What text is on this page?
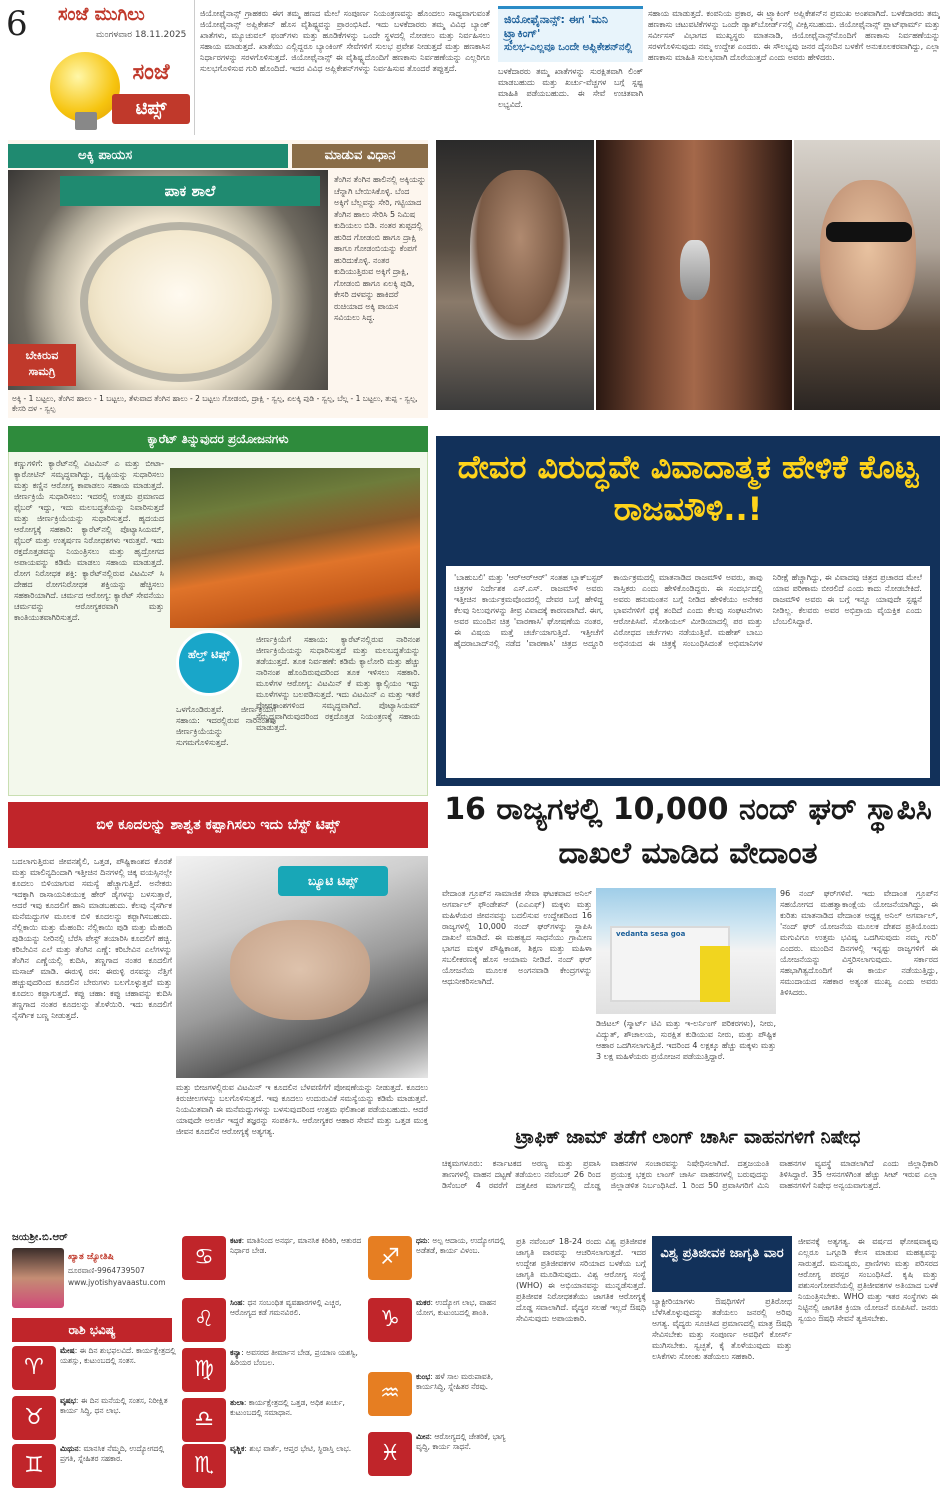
6 ಸಂಜೆ ಮುಗಿಲು
ಮಂಗಳವಾರ 18.11.2025
ಸಂಜೆ
ಟಿಪ್ಸ್
ಜಿಯೋಫೈನಾನ್ಸ್ ಗ್ರಾಹಕರು ಈಗ ತಮ್ಮ ಹಣದ ಮೇಲೆ ಸಂಪೂರ್ಣ ನಿಯಂತ್ರಣವನ್ನು ಹೊಂದಲು ಸಾಧ್ಯವಾಗುವಂತೆ ಜಿಯೋಫೈನಾನ್ಸ್ ಅಪ್ಲಿಕೇಶನ್ ಹೊಸ ವೈಶಿಷ್ಟ್ಯವನ್ನು ಪ್ರಾರಂಭಿಸಿದೆ. ಇದು ಬಳಕೆದಾರರು ತಮ್ಮ ವಿವಿಧ ಬ್ಯಾಂಕ್ ಖಾತೆಗಳು, ಮ್ಯೂಚುವಲ್ ಫಂಡ್‌ಗಳು ಮತ್ತು ಹೂಡಿಕೆಗಳನ್ನು ಒಂದೇ ಸ್ಥಳದಲ್ಲಿ ನೋಡಲು ಮತ್ತು ನಿರ್ವಹಿಸಲು ಸಹಾಯ ಮಾಡುತ್ತದೆ. ಖಾತೆಯು ಎಲ್ಲಿದ್ದರೂ ಬ್ಯಾಂಕಿಂಗ್ ಸೇವೆಗಳಿಗೆ ಸುಲಭ ಪ್ರವೇಶ ನೀಡುತ್ತದೆ ಮತ್ತು ಹಣಕಾಸಿನ ನಿರ್ಧಾರಗಳನ್ನು ಸರಳಗೊಳಿಸುತ್ತದೆ. ಜಿಯೋಫೈನಾನ್ಸ್ ಈ ವೈಶಿಷ್ಟ್ಯದೊಂದಿಗೆ ಹಣಕಾಸು ನಿರ್ವಹಣೆಯನ್ನು ಎಲ್ಲರಿಗೂ ಸುಲಭಗೊಳಿಸುವ ಗುರಿ ಹೊಂದಿದೆ. ಇದರ ವಿವಿಧ ಅಪ್ಲಿಕೇಶನ್‌ಗಳನ್ನು ನಿರ್ವಹಿಸುವ ತೊಂದರೆ ತಪ್ಪುತ್ತದೆ.
ಜಿಯೋಫೈನಾನ್ಸ್: ಈಗ 'ಮನಿ ಟ್ರ್ಯಾಕಿಂಗ್'
ಸುಲಭ-ಎಲ್ಲವೂ ಒಂದೇ ಅಪ್ಲಿಕೇಶನ್‌ನಲ್ಲಿ
ಬಳಕೆದಾರರು ತಮ್ಮ ಖಾತೆಗಳನ್ನು ಸುರಕ್ಷಿತವಾಗಿ ಲಿಂಕ್ ಮಾಡಬಹುದು ಮತ್ತು ಖರ್ಚು-ವೆಚ್ಚಗಳ ಬಗ್ಗೆ ಸ್ಪಷ್ಟ ಮಾಹಿತಿ ಪಡೆಯಬಹುದು. ಈ ಸೇವೆ ಉಚಿತವಾಗಿ ಲಭ್ಯವಿದೆ.
ಸಹಾಯ ಮಾಡುತ್ತದೆ. ಕಂಪನಿಯ ಪ್ರಕಾರ, ಈ ಟ್ರ್ಯಾಕಿಂಗ್ ಅಪ್ಲಿಕೇಶನ್‌ನ ಪ್ರಮುಖ ಅಂಶವಾಗಿದೆ. ಬಳಕೆದಾರರು ತಮ್ಮ ಹಣಕಾಸು ಚಟುವಟಿಕೆಗಳನ್ನು ಒಂದೇ ಡ್ಯಾಶ್‌ಬೋರ್ಡ್‌ನಲ್ಲಿ ವೀಕ್ಷಿಸಬಹುದು. ಜಿಯೋಫೈನಾನ್ಸ್ ಪ್ಲಾಟ್‌ಫಾರ್ಮ್ ಮತ್ತು ಸರ್ವೀಸಸ್ ವಿಭಾಗದ ಮುಖ್ಯಸ್ಥರು ಮಾತನಾಡಿ, ಜಿಯೋಫೈನಾನ್ಸ್‌ನೊಂದಿಗೆ ಹಣಕಾಸು ನಿರ್ವಹಣೆಯನ್ನು ಸರಳಗೊಳಿಸುವುದು ನಮ್ಮ ಉದ್ದೇಶ ಎಂದರು. ಈ ಸೌಲಭ್ಯವು ಜನರ ದೈನಂದಿನ ಬಳಕೆಗೆ ಅನುಕೂಲಕರವಾಗಿದ್ದು, ಎಲ್ಲಾ ಹಣಕಾಸು ಮಾಹಿತಿ ಸುಲಭವಾಗಿ ದೊರೆಯುತ್ತದೆ ಎಂದು ಅವರು ಹೇಳಿದರು.
ಅಕ್ಕಿ ಪಾಯಸ	ಮಾಡುವ ವಿಧಾನ
ಪಾಕ ಶಾಲೆ
ಬೇಕಿರುವ ಸಾಮಗ್ರಿ
ತೆಂಗಿನ ತೆಂಗಿನ ಹಾಲಿನಲ್ಲಿ ಅಕ್ಕಿಯನ್ನು ಚೆನ್ನಾಗಿ ಬೇಯಿಸಿಕೊಳ್ಳಿ. ಬೆಂದ ಅಕ್ಕಿಗೆ ಬೆಲ್ಲವನ್ನು ಸೇರಿ, ಗಟ್ಟಿಯಾದ ತೆಂಗಿನ ಹಾಲು ಸೇರಿಸಿ 5 ನಿಮಿಷ ಕುದಿಯಲು ಬಿಡಿ. ನಂತರ ತುಪ್ಪದಲ್ಲಿ ಹುರಿದ ಗೋಡಂಬಿ ಹಾಗೂ ದ್ರಾಕ್ಷಿ ಹಾಗೂ ಗೋಡಂಬಿಯನ್ನು ಕೆಂಪಗೆ ಹುರಿದುಕೊಳ್ಳಿ. ನಂತರ ಕುದಿಯುತ್ತಿರುವ ಅಕ್ಕಿಗೆ ದ್ರಾಕ್ಷಿ, ಗೋಡಂಬಿ ಹಾಗೂ ಏಲಕ್ಕಿ ಪುಡಿ, ಕೇಸರಿ ದಳವನ್ನು ಹಾಕಿದರೆ ರುಚಿಯಾದ ಅಕ್ಕಿ ಪಾಯಸ ಸವಿಯಲು ಸಿದ್ಧ.
ಅಕ್ಕಿ - 1 ಬಟ್ಟಲು, ತೆಂಗಿನ ಹಾಲು - 1 ಬಟ್ಟಲು, ತೆಳುವಾದ ತೆಂಗಿನ ಹಾಲು - 2 ಬಟ್ಟಲು ಗೋಡಂಬಿ, ದ್ರಾಕ್ಷಿ - ಸ್ವಲ್ಪ, ಏಲಕ್ಕಿ ಪುಡಿ - ಸ್ವಲ್ಪ, ಬೆಲ್ಲ - 1 ಬಟ್ಟಲು, ತುಪ್ಪ - ಸ್ವಲ್ಪ, ಕೇಸರಿ ದಳ - ಸ್ವಲ್ಪ
ಕ್ಯಾರೆಟ್ ತಿನ್ನುವುದರ ಪ್ರಯೋಜನಗಳು
ಕಣ್ಣುಗಳಿಗೆ: ಕ್ಯಾರೆಟ್‌ನಲ್ಲಿ ವಿಟಮಿನ್ ಎ ಮತ್ತು ಬೀಟಾ-ಕ್ಯಾರೋಟಿನ್ ಸಮೃದ್ಧವಾಗಿದ್ದು, ದೃಷ್ಟಿಯನ್ನು ಸುಧಾರಿಸಲು ಮತ್ತು ಕಣ್ಣಿನ ಆರೋಗ್ಯ ಕಾಪಾಡಲು ಸಹಾಯ ಮಾಡುತ್ತದೆ. ಜೀರ್ಣಕ್ರಿಯೆ ಸುಧಾರಿಸಲು: ಇದರಲ್ಲಿ ಉತ್ತಮ ಪ್ರಮಾಣದ ಫೈಬರ್ ಇದ್ದು, ಇದು ಮಲಬದ್ಧತೆಯನ್ನು ನಿವಾರಿಸುತ್ತದೆ ಮತ್ತು ಜೀರ್ಣಕ್ರಿಯೆಯನ್ನು ಸುಧಾರಿಸುತ್ತದೆ. ಹೃದಯದ ಆರೋಗ್ಯಕ್ಕೆ ಸಹಕಾರಿ: ಕ್ಯಾರೆಟ್‌ನಲ್ಲಿ ಪೊಟ್ಯಾಸಿಯಮ್, ಫೈಬರ್ ಮತ್ತು ಉತ್ಕರ್ಷಣ ನಿರೋಧಕಗಳು ಇರುತ್ತವೆ. ಇದು ರಕ್ತದೊತ್ತಡವನ್ನು ನಿಯಂತ್ರಿಸಲು ಮತ್ತು ಹೃದ್ರೋಗದ ಅಪಾಯವನ್ನು ಕಡಿಮೆ ಮಾಡಲು ಸಹಾಯ ಮಾಡುತ್ತದೆ. ರೋಗ ನಿರೋಧಕ ಶಕ್ತಿ: ಕ್ಯಾರೆಟ್‌ನಲ್ಲಿರುವ ವಿಟಮಿನ್ ಸಿ ದೇಹದ ರೋಗನಿರೋಧಕ ಶಕ್ತಿಯನ್ನು ಹೆಚ್ಚಿಸಲು ಸಹಕಾರಿಯಾಗಿದೆ. ಚರ್ಮದ ಆರೋಗ್ಯ: ಕ್ಯಾರೆಟ್ ಸೇವನೆಯು ಚರ್ಮವನ್ನು ಆರೋಗ್ಯಕರವಾಗಿ ಮತ್ತು ಕಾಂತಿಯುತವಾಗಿರಿಸುತ್ತದೆ.
ಹೆಲ್ತ್ ಟಿಪ್ಸ್
ಒಳಗೊಂಡಿರುತ್ತವೆ. ಜೀರ್ಣಕ್ರಿಯೆಗೆ ಸಹಾಯ: ಇದರಲ್ಲಿರುವ ನಾರಿನಂಶವು ಜೀರ್ಣಕ್ರಿಯೆಯನ್ನು ಸುಗಮಗೊಳಿಸುತ್ತದೆ.
ಜೀರ್ಣಕ್ರಿಯೆಗೆ ಸಹಾಯ: ಕ್ಯಾರೆಟ್‌ನಲ್ಲಿರುವ ನಾರಿನಂಶ ಜೀರ್ಣಕ್ರಿಯೆಯನ್ನು ಸುಧಾರಿಸುತ್ತದೆ ಮತ್ತು ಮಲಬದ್ಧತೆಯನ್ನು ತಡೆಯುತ್ತದೆ. ತೂಕ ನಿರ್ವಹಣೆ: ಕಡಿಮೆ ಕ್ಯಾಲೋರಿ ಮತ್ತು ಹೆಚ್ಚು ನಾರಿನಂಶ ಹೊಂದಿರುವುದರಿಂದ ತೂಕ ಇಳಿಸಲು ಸಹಕಾರಿ. ಮೂಳೆಗಳ ಆರೋಗ್ಯ: ವಿಟಮಿನ್ ಕೆ ಮತ್ತು ಕ್ಯಾಲ್ಸಿಯಂ ಇದ್ದು ಮೂಳೆಗಳನ್ನು ಬಲಪಡಿಸುತ್ತದೆ. ಇದು ವಿಟಮಿನ್ ಎ ಮತ್ತು ಇತರೆ ಪೋಷಕಾಂಶಗಳಿಂದ ಸಮೃದ್ಧವಾಗಿದೆ. ಪೊಟ್ಯಾಸಿಯಮ್ ಸಮೃದ್ಧವಾಗಿರುವುದರಿಂದ ರಕ್ತದೊತ್ತಡ ನಿಯಂತ್ರಣಕ್ಕೆ ಸಹಾಯ ಮಾಡುತ್ತದೆ.
ದೇವರ ವಿರುದ್ಧವೇ ವಿವಾದಾತ್ಮಕ ಹೇಳಿಕೆ ಕೊಟ್ಟ ರಾಜಮೌಳಿ..!
'ಬಾಹುಬಲಿ' ಮತ್ತು 'ಆರ್‌ಆರ್‌ಆರ್' ಸಂತಹ ಬ್ಲಾಕ್‌ಬಸ್ಟರ್ ಚಿತ್ರಗಳ ನಿರ್ದೇಶಕ ಎಸ್.ಎಸ್. ರಾಜಮೌಳಿ ಅವರು ಇತ್ತೀಚಿನ ಕಾರ್ಯಕ್ರಮವೊಂದರಲ್ಲಿ ದೇವರ ಬಗ್ಗೆ ಹೇಳಿದ್ದ ಕೆಲವು ನಿಲುವುಗಳನ್ನು ತೀವ್ರ ವಿವಾದಕ್ಕೆ ಕಾರಣವಾಗಿದೆ. ಈಗ, ಅವರ ಮುಂದಿನ ಚಿತ್ರ 'ವಾರಣಾಸಿ' ಘೋಷಣೆಯ ನಂತರ, ಈ ವಿಷಯ ಮತ್ತೆ ಚರ್ಚೆಯಾಗುತ್ತಿದೆ. ಇತ್ತೀಚೆಗೆ ಹೈದರಾಬಾದ್‌ನಲ್ಲಿ ನಡೆದ 'ವಾರಣಾಸಿ' ಚಿತ್ರದ ಅದ್ದೂರಿ ಕಾರ್ಯಕ್ರಮದಲ್ಲಿ ಮಾತನಾಡಿದ ರಾಜಮೌಳಿ ಅವರು, ತಾವು ನಾಸ್ತಿಕರು ಎಂದು ಹೇಳಿಕೊಂಡಿದ್ದರು. ಈ ಸಂದರ್ಭದಲ್ಲಿ ಅವರು ಹನುಮಂತನ ಬಗ್ಗೆ ನೀಡಿದ ಹೇಳಿಕೆಯು ಅನೇಕರ ಭಾವನೆಗಳಿಗೆ ಧಕ್ಕೆ ತಂದಿದೆ ಎಂದು ಕೆಲವು ಸಂಘಟನೆಗಳು ಆರೋಪಿಸಿವೆ. ಸೋಶಿಯಲ್ ಮೀಡಿಯಾದಲ್ಲಿ ಪರ ಮತ್ತು ವಿರೋಧದ ಚರ್ಚೆಗಳು ನಡೆಯುತ್ತಿವೆ. ಮಹೇಶ್ ಬಾಬು ಅಭಿನಯದ ಈ ಚಿತ್ರಕ್ಕೆ ಸಂಬಂಧಿಸಿದಂತೆ ಅಭಿಮಾನಿಗಳ ನಿರೀಕ್ಷೆ ಹೆಚ್ಚಾಗಿದ್ದು, ಈ ವಿವಾದವು ಚಿತ್ರದ ಪ್ರಚಾರದ ಮೇಲೆ ಯಾವ ಪರಿಣಾಮ ಬೀರಲಿದೆ ಎಂದು ಕಾದು ನೋಡಬೇಕಿದೆ. ರಾಜಮೌಳಿ ಅವರು ಈ ಬಗ್ಗೆ ಇನ್ನೂ ಯಾವುದೇ ಸ್ಪಷ್ಟನೆ ನೀಡಿಲ್ಲ. ಕೆಲವರು ಅವರ ಅಭಿಪ್ರಾಯ ವೈಯಕ್ತಿಕ ಎಂದು ಬೆಂಬಲಿಸಿದ್ದಾರೆ.
ಬಿಳಿ ಕೂದಲನ್ನು ಶಾಶ್ವತ ಕಪ್ಪಾಗಿಸಲು ಇದು ಬೆಸ್ಟ್ ಟಿಪ್ಸ್
ಬದಲಾಗುತ್ತಿರುವ ಜೀವನಶೈಲಿ, ಒತ್ತಡ, ಪೌಷ್ಟಿಕಾಂಶದ ಕೊರತೆ ಮತ್ತು ಮಾಲಿನ್ಯದಿಂದಾಗಿ ಇತ್ತೀಚಿನ ದಿನಗಳಲ್ಲಿ ಚಿಕ್ಕ ವಯಸ್ಸಿನಲ್ಲೇ ಕೂದಲು ಬಿಳಿಯಾಗುವ ಸಮಸ್ಯೆ ಹೆಚ್ಚಾಗುತ್ತಿದೆ. ಅನೇಕರು ಇದಕ್ಕಾಗಿ ರಾಸಾಯನಿಕಯುಕ್ತ ಹೇರ್ ಡೈಗಳನ್ನು ಬಳಸುತ್ತಾರೆ, ಆದರೆ ಇವು ಕೂದಲಿಗೆ ಹಾನಿ ಮಾಡಬಹುದು. ಕೆಲವು ನೈಸರ್ಗಿಕ ಮನೆಮದ್ದುಗಳ ಮೂಲಕ ಬಿಳಿ ಕೂದಲನ್ನು ಕಪ್ಪಾಗಿಸಬಹುದು. ನೆಲ್ಲಿಕಾಯಿ ಮತ್ತು ಮೆಹಂದಿ: ನೆಲ್ಲಿಕಾಯಿ ಪುಡಿ ಮತ್ತು ಮೆಹಂದಿ ಪುಡಿಯನ್ನು ನೀರಿನಲ್ಲಿ ಬೆರೆಸಿ ಪೇಸ್ಟ್ ತಯಾರಿಸಿ ಕೂದಲಿಗೆ ಹಚ್ಚಿ. ಕರಿಬೇವಿನ ಎಲೆ ಮತ್ತು ತೆಂಗಿನ ಎಣ್ಣೆ: ಕರಿಬೇವಿನ ಎಲೆಗಳನ್ನು ತೆಂಗಿನ ಎಣ್ಣೆಯಲ್ಲಿ ಕುದಿಸಿ, ತಣ್ಣಗಾದ ನಂತರ ಕೂದಲಿಗೆ ಮಸಾಜ್ ಮಾಡಿ. ಈರುಳ್ಳಿ ರಸ: ಈರುಳ್ಳಿ ರಸವನ್ನು ನೆತ್ತಿಗೆ ಹಚ್ಚುವುದರಿಂದ ಕೂದಲಿನ ಬೇರುಗಳು ಬಲಗೊಳ್ಳುತ್ತವೆ ಮತ್ತು ಕೂದಲು ಕಪ್ಪಾಗುತ್ತದೆ. ಕಪ್ಪು ಚಹಾ: ಕಪ್ಪು ಚಹಾವನ್ನು ಕುದಿಸಿ ತಣ್ಣಗಾದ ನಂತರ ಕೂದಲನ್ನು ತೊಳೆಯಿರಿ. ಇದು ಕೂದಲಿಗೆ ನೈಸರ್ಗಿಕ ಬಣ್ಣ ನೀಡುತ್ತದೆ.
ಬ್ಯೂಟಿ ಟಿಪ್ಸ್
ಮತ್ತು ಬೀಜಗಳಲ್ಲಿರುವ ವಿಟಮಿನ್ ಇ ಕೂದಲಿನ ಬೆಳವಣಿಗೆಗೆ ಪೋಷಣೆಯನ್ನು ನೀಡುತ್ತದೆ. ಕೂದಲು ಕಿರುಚೀಲಗಳನ್ನು ಬಲಗೊಳಿಸುತ್ತದೆ. ಇವು ಕೂದಲು ಉದುರುವಿಕೆ ಸಮಸ್ಯೆಯನ್ನು ಕಡಿಮೆ ಮಾಡುತ್ತವೆ. ನಿಯಮಿತವಾಗಿ ಈ ಮನೆಮದ್ದುಗಳನ್ನು ಬಳಸುವುದರಿಂದ ಉತ್ತಮ ಫಲಿತಾಂಶ ಪಡೆಯಬಹುದು. ಆದರೆ ಯಾವುದೇ ಅಲರ್ಜಿ ಇದ್ದರೆ ತಜ್ಞರನ್ನು ಸಂಪರ್ಕಿಸಿ. ಆರೋಗ್ಯಕರ ಆಹಾರ ಸೇವನೆ ಮತ್ತು ಒತ್ತಡ ಮುಕ್ತ ಜೀವನ ಕೂದಲಿನ ಆರೋಗ್ಯಕ್ಕೆ ಅತ್ಯಗತ್ಯ.
16 ರಾಜ್ಯಗಳಲ್ಲಿ 10,000 ನಂದ್ ಘರ್ ಸ್ಥಾಪಿಸಿ ದಾಖಲೆ ಮಾಡಿದ ವೇದಾಂತ
ವೇದಾಂತ ಗ್ರೂಪ್‌ನ ಸಾಮಾಜಿಕ ಸೇವಾ ಘಟಕವಾದ ಅನಿಲ್ ಅಗರ್ವಾಲ್ ಫೌಂಡೇಶನ್ (ಎಎಎಫ್) ಮಕ್ಕಳು ಮತ್ತು ಮಹಿಳೆಯರ ಜೀವನವನ್ನು ಬದಲಿಸುವ ಉದ್ದೇಶದಿಂದ 16 ರಾಜ್ಯಗಳಲ್ಲಿ 10,000 ನಂದ್ ಘರ್‌ಗಳನ್ನು ಸ್ಥಾಪಿಸಿ ದಾಖಲೆ ಮಾಡಿದೆ. ಈ ಮಹತ್ವದ ಸಾಧನೆಯು ಗ್ರಾಮೀಣ ಭಾಗದ ಮಕ್ಕಳ ಪೌಷ್ಟಿಕಾಂಶ, ಶಿಕ್ಷಣ ಮತ್ತು ಮಹಿಳಾ ಸಬಲೀಕರಣಕ್ಕೆ ಹೊಸ ಆಯಾಮ ನೀಡಿದೆ. ನಂದ್ ಘರ್ ಯೋಜನೆಯ ಮೂಲಕ ಅಂಗನವಾಡಿ ಕೇಂದ್ರಗಳನ್ನು ಆಧುನೀಕರಿಸಲಾಗಿದೆ.
vedanta sesa goa
ಡಿಜಿಟಲ್ (ಸ್ಮಾರ್ಟ್ ಟಿವಿ ಮತ್ತು ಇ-ಲರ್ನಿಂಗ್ ಪರಿಕರಗಳು), ನೀರು, ವಿದ್ಯುತ್, ಶೌಚಾಲಯ, ಸುರಕ್ಷಿತ ಕುಡಿಯುವ ನೀರು, ಮತ್ತು ಪೌಷ್ಟಿಕ ಆಹಾರ ಒದಗಿಸಲಾಗುತ್ತಿದೆ. ಇದರಿಂದ 4 ಲಕ್ಷಕ್ಕೂ ಹೆಚ್ಚು ಮಕ್ಕಳು ಮತ್ತು 3 ಲಕ್ಷ ಮಹಿಳೆಯರು ಪ್ರಯೋಜನ ಪಡೆಯುತ್ತಿದ್ದಾರೆ.
96 ನಂದ್ ಘರ್‌ಗಳಿವೆ. ಇದು ವೇದಾಂತ ಗ್ರೂಪ್‌ನ ಸಹಯೋಗದ ಮಹತ್ವಾಕಾಂಕ್ಷೆಯ ಯೋಜನೆಯಾಗಿದ್ದು, ಈ ಕುರಿತು ಮಾತನಾಡಿದ ವೇದಾಂತ ಅಧ್ಯಕ್ಷ ಅನಿಲ್ ಅಗರ್ವಾಲ್, 'ನಂದ್ ಘರ್ ಯೋಜನೆಯ ಮೂಲಕ ದೇಶದ ಪ್ರತಿಯೊಂದು ಮಗುವಿಗೂ ಉತ್ತಮ ಭವಿಷ್ಯ ಒದಗಿಸುವುದು ನಮ್ಮ ಗುರಿ' ಎಂದರು. ಮುಂದಿನ ದಿನಗಳಲ್ಲಿ ಇನ್ನಷ್ಟು ರಾಜ್ಯಗಳಿಗೆ ಈ ಯೋಜನೆಯನ್ನು ವಿಸ್ತರಿಸಲಾಗುವುದು. ಸರ್ಕಾರದ ಸಹಭಾಗಿತ್ವದೊಂದಿಗೆ ಈ ಕಾರ್ಯ ನಡೆಯುತ್ತಿದ್ದು, ಸಮುದಾಯದ ಸಹಕಾರ ಅತ್ಯಂತ ಮುಖ್ಯ ಎಂದು ಅವರು ತಿಳಿಸಿದರು.
ಟ್ರಾಫಿಕ್ ಜಾಮ್ ತಡೆಗೆ ಲಾಂಗ್ ಚಾರ್ಸಿ ವಾಹನಗಳಿಗೆ ನಿಷೇಧ
ಚಿಕ್ಕಮಗಳೂರು: ಕರ್ನಾಟಕದ ಅರಣ್ಯ ಮತ್ತು ಪ್ರವಾಸಿ ತಾಣಗಳಲ್ಲಿ ವಾಹನ ದಟ್ಟಣೆ ತಡೆಯಲು ನವೆಂಬರ್ 26 ರಿಂದ ಡಿಸೆಂಬರ್ 4 ರವರೆಗೆ ದತ್ತಪೀಠ ಮಾರ್ಗದಲ್ಲಿ ದೊಡ್ಡ ವಾಹನಗಳ ಸಂಚಾರವನ್ನು ನಿಷೇಧಿಸಲಾಗಿದೆ. ದತ್ತಜಯಂತಿ ಪ್ರಯುಕ್ತ ಭಕ್ತರು ಲಾಂಗ್ ಚಾರ್ಸಿ ವಾಹನಗಳಲ್ಲಿ ಬರುವುದನ್ನು ಜಿಲ್ಲಾಡಳಿತ ನಿರ್ಬಂಧಿಸಿದೆ. 1 ರಿಂದ 50 ಪ್ರವಾಸಿಗರಿಗೆ ಮಿನಿ ವಾಹನಗಳ ವ್ಯವಸ್ಥೆ ಮಾಡಲಾಗಿದೆ ಎಂದು ಜಿಲ್ಲಾಧಿಕಾರಿ ತಿಳಿಸಿದ್ದಾರೆ. 35 ಆಸನಗಳಿಗಿಂತ ಹೆಚ್ಚು ಸೀಟ್ ಇರುವ ಎಲ್ಲಾ ವಾಹನಗಳಿಗೆ ನಿಷೇಧ ಅನ್ವಯವಾಗುತ್ತದೆ.
ಜಯಶ್ರೀ.ಬಿ.ಆರ್
ಖ್ಯಾತ ಜ್ಯೋತಿಷಿ
ದೂರವಾಣಿ-9964739507
www.jyotishyavaastu.com
ರಾಶಿ ಭವಿಷ್ಯ
♈
ಮೇಷ: ಈ ದಿನ ಶುಭಫಲವಿದೆ. ಕಾರ್ಯಕ್ಷೇತ್ರದಲ್ಲಿ ಯಶಸ್ಸು, ಕುಟುಂಬದಲ್ಲಿ ಸಂತಸ.
♉
ವೃಷಭ: ಈ ದಿನ ಮನೆಯಲ್ಲಿ ಸಂತಸ, ನಿರೀಕ್ಷಿತ ಕಾರ್ಯ ಸಿದ್ಧಿ, ಧನ ಲಾಭ.
♊
ಮಿಥುನ: ಮಾನಸಿಕ ನೆಮ್ಮದಿ, ಉದ್ಯೋಗದಲ್ಲಿ ಪ್ರಗತಿ, ಸ್ನೇಹಿತರ ಸಹಕಾರ.
♋
ಕಟಕ: ಮಾತಿನಿಂದ ಅನರ್ಥ, ಮಾನಸಿಕ ಕಿರಿಕಿರಿ, ಆತುರದ ನಿರ್ಧಾರ ಬೇಡ.
♌
ಸಿಂಹ: ಧನ ಸಂಬಂಧಿತ ವ್ಯವಹಾರಗಳಲ್ಲಿ ಎಚ್ಚರ, ಆರೋಗ್ಯದ ಕಡೆ ಗಮನವಿರಲಿ.
♍
ಕನ್ಯಾ: ಅವಸರದ ತೀರ್ಮಾನ ಬೇಡ, ಪ್ರಯಾಣ ಯಶಸ್ವಿ, ಹಿರಿಯರ ಬೆಂಬಲ.
♎
ತುಲಾ: ಕಾರ್ಯಕ್ಷೇತ್ರದಲ್ಲಿ ಒತ್ತಡ, ಅಧಿಕ ಖರ್ಚು, ಕುಟುಂಬದಲ್ಲಿ ಸಮಾಧಾನ.
♏
ವೃಶ್ಚಿಕ: ಶುಭ ವಾರ್ತೆ, ಆಪ್ತರ ಭೇಟಿ, ಸ್ಥಿರಾಸ್ತಿ ಲಾಭ.
♐
ಧನು: ಅಲ್ಪ ಆದಾಯ, ಉದ್ಯೋಗದಲ್ಲಿ ಅಡೆತಡೆ, ಕಾರ್ಯ ವಿಳಂಬ.
♑
ಮಕರ: ಉದ್ಯೋಗ ಲಾಭ, ವಾಹನ ಯೋಗ, ಕುಟುಂಬದಲ್ಲಿ ಶಾಂತಿ.
♒
ಕುಂಭ: ಹಳೆ ಸಾಲ ಮರುಪಾವತಿ, ಕಾರ್ಯಸಿದ್ಧಿ, ಸ್ನೇಹಿತರ ನೆರವು.
♓
ಮೀನ: ಆರೋಗ್ಯದಲ್ಲಿ ಚೇತರಿಕೆ, ಭಾಗ್ಯ ವೃದ್ಧಿ, ಕಾರ್ಯ ಸಾಧನೆ.
ಪ್ರತಿ ನವೆಂಬರ್ 18-24 ರಂದು ವಿಶ್ವ ಪ್ರತಿಜೀವಕ ಜಾಗೃತಿ ವಾರವನ್ನು ಆಚರಿಸಲಾಗುತ್ತದೆ. ಇದರ ಉದ್ದೇಶ ಪ್ರತಿಜೀವಕಗಳ ಸರಿಯಾದ ಬಳಕೆಯ ಬಗ್ಗೆ ಜಾಗೃತಿ ಮೂಡಿಸುವುದು. ವಿಶ್ವ ಆರೋಗ್ಯ ಸಂಸ್ಥೆ (WHO) ಈ ಅಭಿಯಾನವನ್ನು ಮುನ್ನಡೆಸುತ್ತದೆ. ಪ್ರತಿಜೀವಕ ನಿರೋಧಕತೆಯು ಜಾಗತಿಕ ಆರೋಗ್ಯಕ್ಕೆ ದೊಡ್ಡ ಸವಾಲಾಗಿದೆ. ವೈದ್ಯರ ಸಲಹೆ ಇಲ್ಲದೆ ಔಷಧಿ ಸೇವಿಸುವುದು ಅಪಾಯಕಾರಿ.
ವಿಶ್ವ ಪ್ರತಿಜೀವಕ ಜಾಗೃತಿ ವಾರ
ಬ್ಯಾಕ್ಟೀರಿಯಾಗಳು ಔಷಧಿಗಳಿಗೆ ಪ್ರತಿರೋಧ ಬೆಳೆಸಿಕೊಳ್ಳುವುದನ್ನು ತಡೆಯಲು ಜನರಲ್ಲಿ ಅರಿವು ಅಗತ್ಯ. ವೈದ್ಯರು ಸೂಚಿಸಿದ ಪ್ರಮಾಣದಲ್ಲಿ ಮಾತ್ರ ಔಷಧಿ ಸೇವಿಸಬೇಕು ಮತ್ತು ಸಂಪೂರ್ಣ ಅವಧಿಗೆ ಕೋರ್ಸ್ ಮುಗಿಸಬೇಕು. ಸ್ವಚ್ಛತೆ, ಕೈ ತೊಳೆಯುವುದು ಮತ್ತು ಲಸಿಕೆಗಳು ಸೋಂಕು ತಡೆಯಲು ಸಹಕಾರಿ.
ಜೀವನಕ್ಕೆ ಅತ್ಯಗತ್ಯ. ಈ ವರ್ಷದ ಘೋಷವಾಕ್ಯವು ಎಲ್ಲರೂ ಒಗ್ಗೂಡಿ ಕೆಲಸ ಮಾಡುವ ಮಹತ್ವವನ್ನು ಸಾರುತ್ತದೆ. ಮನುಷ್ಯರು, ಪ್ರಾಣಿಗಳು ಮತ್ತು ಪರಿಸರದ ಆರೋಗ್ಯ ಪರಸ್ಪರ ಸಂಬಂಧಿಸಿದೆ. ಕೃಷಿ ಮತ್ತು ಪಶುಸಂಗೋಪನೆಯಲ್ಲಿ ಪ್ರತಿಜೀವಕಗಳ ಅತಿಯಾದ ಬಳಕೆ ನಿಯಂತ್ರಿಸಬೇಕು. WHO ಮತ್ತು ಇತರ ಸಂಸ್ಥೆಗಳು ಈ ನಿಟ್ಟಿನಲ್ಲಿ ಜಾಗತಿಕ ಕ್ರಿಯಾ ಯೋಜನೆ ರೂಪಿಸಿವೆ. ಜನರು ಸ್ವಯಂ ಔಷಧಿ ಸೇವನೆ ತ್ಯಜಿಸಬೇಕು.
